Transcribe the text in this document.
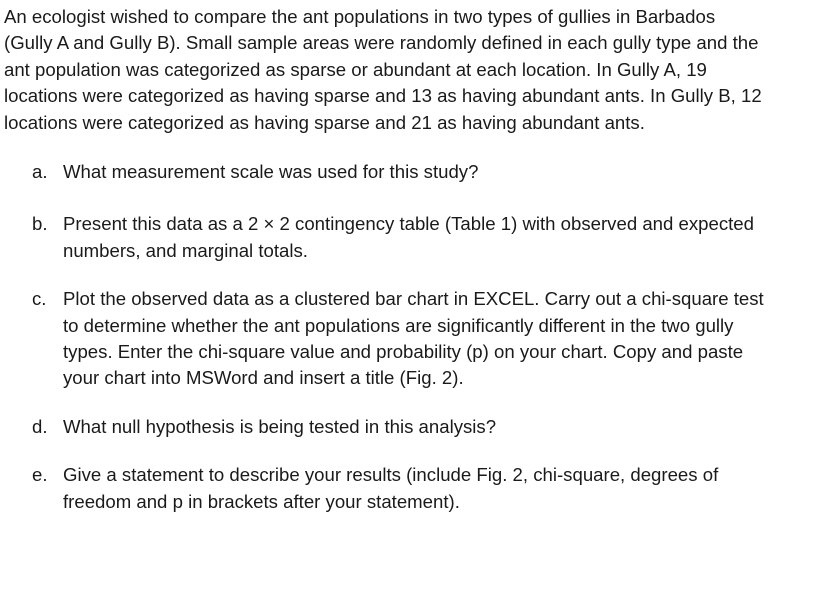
An ecologist wished to compare the ant populations in two types of gullies in Barbados (Gully A and Gully B). Small sample areas were randomly defined in each gully type and the ant population was categorized as sparse or abundant at each location. In Gully A, 19 locations were categorized as having sparse and 13 as having abundant ants. In Gully B, 12 locations were categorized as having sparse and 21 as having abundant ants.

a. What measurement scale was used for this study?
b. Present this data as a 2 × 2 contingency table (Table 1) with observed and expected numbers, and marginal totals.
c. Plot the observed data as a clustered bar chart in EXCEL. Carry out a chi-square test to determine whether the ant populations are significantly different in the two gully types. Enter the chi-square value and probability (p) on your chart. Copy and paste your chart into MSWord and insert a title (Fig. 2).
d. What null hypothesis is being tested in this analysis?
e. Give a statement to describe your results (include Fig. 2, chi-square, degrees of freedom and p in brackets after your statement).
